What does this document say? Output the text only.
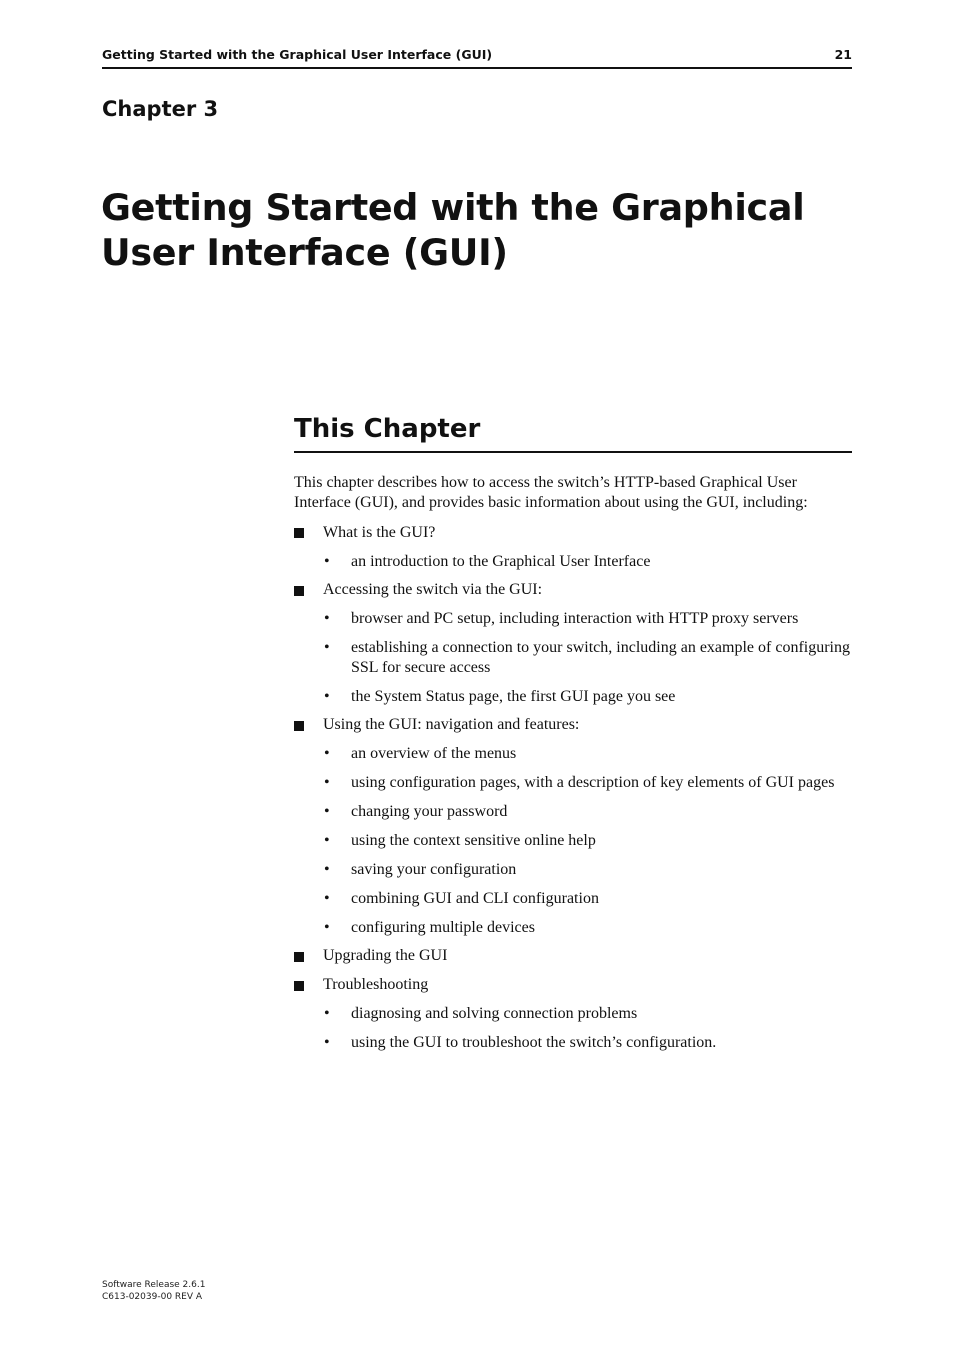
Getting Started with the Graphical User Interface (GUI)	21
Chapter 3
Getting Started with the Graphical User Interface (GUI)
This Chapter

This chapter describes how to access the switch’s HTTP-based Graphical User Interface (GUI), and provides basic information about using the GUI, including:

What is the GUI?
• an introduction to the Graphical User Interface
Accessing the switch via the GUI:
• browser and PC setup, including interaction with HTTP proxy servers
• establishing a connection to your switch, including an example of configuring SSL for secure access
• the System Status page, the first GUI page you see
Using the GUI: navigation and features:
• an overview of the menus
• using configuration pages, with a description of key elements of GUI pages
• changing your password
• using the context sensitive online help
• saving your configuration
• combining GUI and CLI configuration
• configuring multiple devices
Upgrading the GUI
Troubleshooting
• diagnosing and solving connection problems
• using the GUI to troubleshoot the switch’s configuration.
Software Release 2.6.1
C613-02039-00 REV A
